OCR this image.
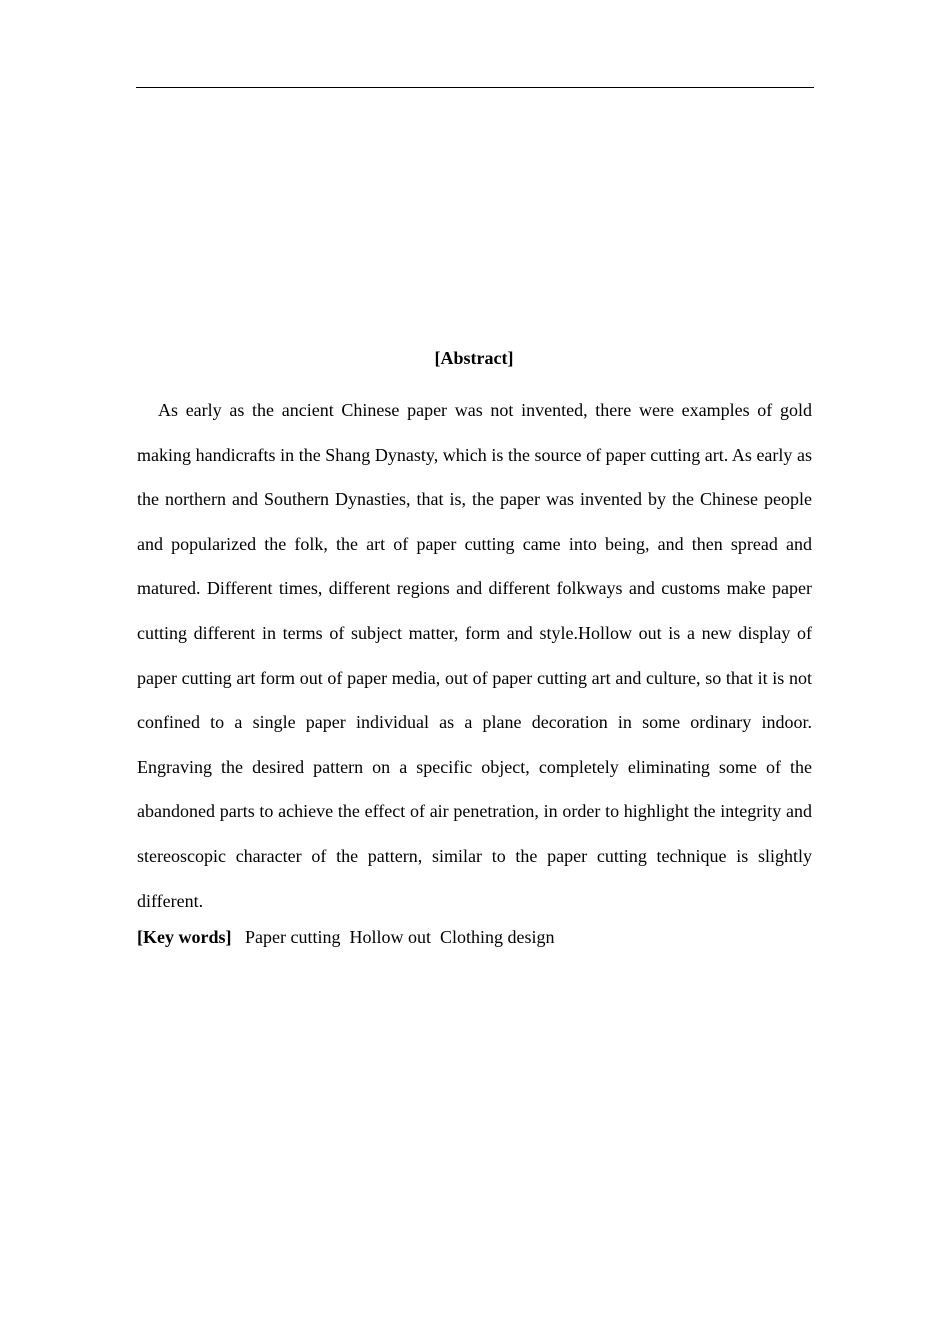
[Abstract]

As early as the ancient Chinese paper was not invented, there were examples of gold making handicrafts in the Shang Dynasty, which is the source of paper cutting art. As early as the northern and Southern Dynasties, that is, the paper was invented by the Chinese people and popularized the folk, the art of paper cutting came into being, and then spread and matured. Different times, different regions and different folkways and customs make paper cutting different in terms of subject matter, form and style.Hollow out is a new display of paper cutting art form out of paper media, out of paper cutting art and culture, so that it is not confined to a single paper individual as a plane decoration in some ordinary indoor. Engraving the desired pattern on a specific object, completely eliminating some of the abandoned parts to achieve the effect of air penetration, in order to highlight the integrity and stereoscopic character of the pattern, similar to the paper cutting technique is slightly different.

[Key words] Paper cutting Hollow out Clothing design
